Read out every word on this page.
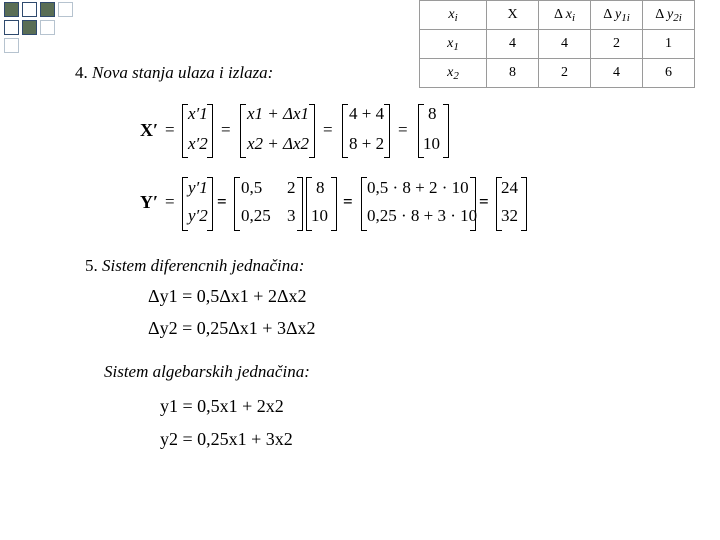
$x_i$	X	Δ $x_i$	Δ $y_{1i}$	Δ $y_{2i}$
$x_1$	4	4	2	1
$x_2$	8	2	4	6
4. Nova stanja ulaza i izlaza:
X′ =
x′1
x′2
=
x1 + Δx1
x2 + Δx2
=
4 + 4
8 + 2
=
8
10
Y′ =
y′1
y′2
=
0,5 2
0,25 3
8
10
=
0,5 · 8 + 2 · 10
0,25 · 8 + 3 · 10
=
24
32
5. Sistem diferencnih jednačina:
Δy1 = 0,5Δx1 + 2Δx2
Δy2 = 0,25Δx1 + 3Δx2
Sistem algebarskih jednačina:
y1 = 0,5x1 + 2x2
y2 = 0,25x1 + 3x2
